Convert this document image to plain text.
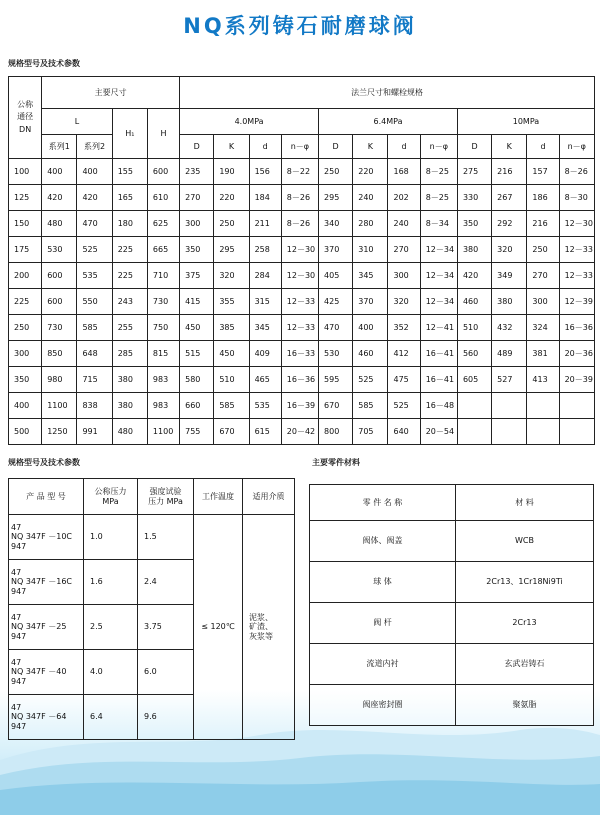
NQ系列铸石耐磨球阀
规格型号及技术参数
公称
通径
DN	主要尺寸				法兰尺寸和螺栓规格											
	L		H₁	H	4.0MPa				6.4MPa				10MPa			
	系列1	系列2			D	K	d	n－φ	D	K	d	n－φ	D	K	d	n－φ
100	400	400	155	600	235	190	156	8－22	250	220	168	8－25	275	216	157	8－26
125	420	420	165	610	270	220	184	8－26	295	240	202	8－25	330	267	186	8－30
150	480	470	180	625	300	250	211	8－26	340	280	240	8－34	350	292	216	12－30
175	530	525	225	665	350	295	258	12－30	370	310	270	12－34	380	320	250	12－33
200	600	535	225	710	375	320	284	12－30	405	345	300	12－34	420	349	270	12－33
225	600	550	243	730	415	355	315	12－33	425	370	320	12－34	460	380	300	12－39
250	730	585	255	750	450	385	345	12－33	470	400	352	12－41	510	432	324	16－36
300	850	648	285	815	515	450	409	16－33	530	460	412	16－41	560	489	381	20－36
350	980	715	380	983	580	510	465	16－36	595	525	475	16－41	605	527	413	20－39
400	1100	838	380	983	660	585	535	16－39	670	585	525	16－48				
500	1250	991	480	1100	755	670	615	20－42	800	705	640	20－54				
规格型号及技术参数
产 品 型 号	公称压力
MPa	强度试验
压力 MPa	工作温度	适用介质
47
NQ 347F －10C
947	1.0	1.5	≤ 120℃	泥浆、
矿渣、
灰浆等
47
NQ 347F －16C
947	1.6	2.4		
47
NQ 347F －25
947	2.5	3.75		
47
NQ 347F －40
947	4.0	6.0		
47
NQ 347F －64
947	6.4	9.6		
主要零件材料
零 件 名 称	材 料
阀体、阀盖	WCB
球 体	2Cr13、1Cr18Ni9Ti
阀 杆	2Cr13
流道内衬	玄武岩铸石
阀座密封圈	聚氨脂
